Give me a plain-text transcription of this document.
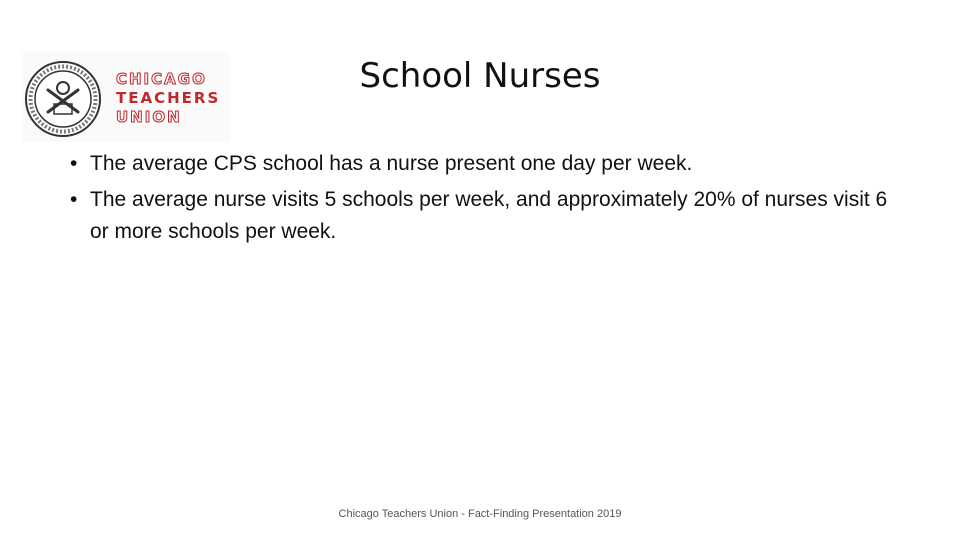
CHICAGO
TEACHERS
UNION
School Nurses
• The average CPS school has a nurse present one day per week.
• The average nurse visits 5 schools per week, and approximately 20% of nurses visit 6 or more schools per week.
Chicago Teachers Union - Fact-Finding Presentation 2019
